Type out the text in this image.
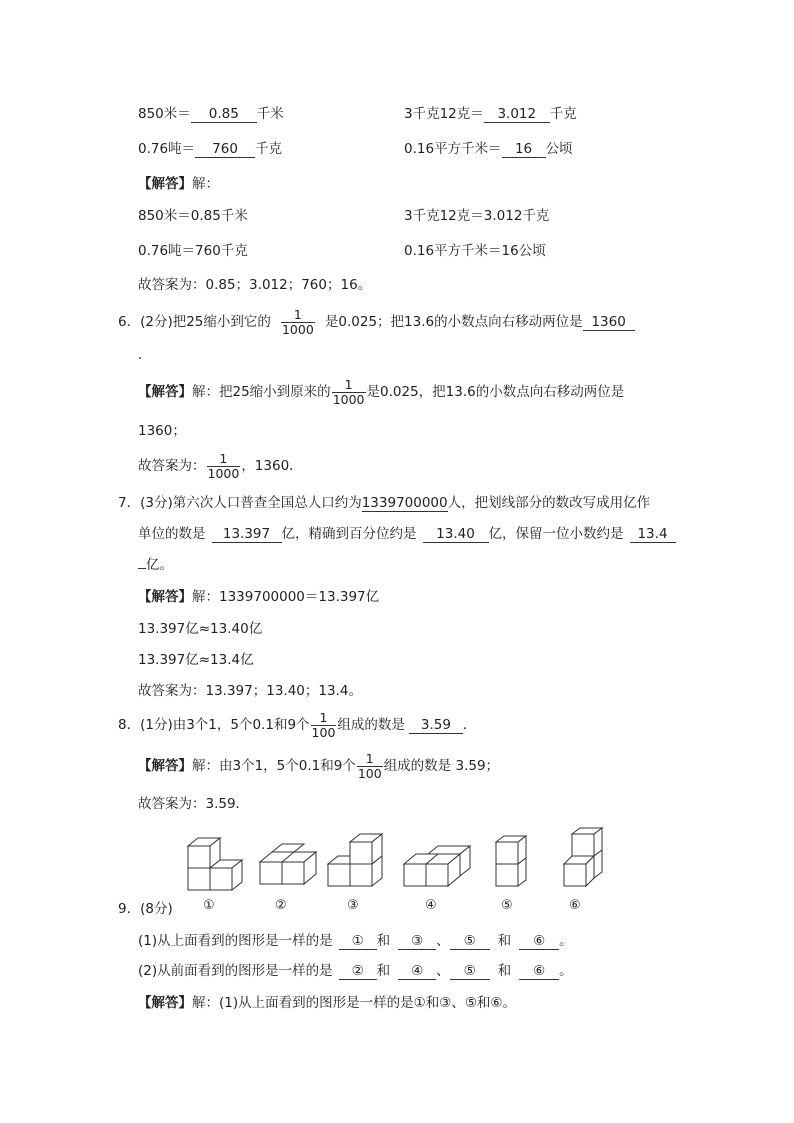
850米＝ 0.85 千米	3千克12克＝ 3.012 千克
0.76吨＝ 760 千克	0.16平方千米＝ 16 公顷
【解答】解：
850米＝0.85千米	3千克12克＝3.012千克
0.76吨＝760千克	0.16平方千米＝16公顷
故答案为：0.85；3.012；760；16。
6．(2分)把25缩小到它的 $\frac{1}{1000}$ 是0.025；把13.6的小数点向右移动两位是 1360
．
【解答】解：把25缩小到原来的 $\frac{1}{1000}$ 是0.025，把13.6的小数点向右移动两位是
1360；
故答案为： $\frac{1}{1000}$ ，1360．
7．(3分)第六次人口普查全国总人口约为1339700000人，把划线部分的数改写成用亿作
单位的数是 13.397 亿，精确到百分位约是 13.40 亿，保留一位小数约是 13.4
亿。
【解答】解：1339700000＝13.397亿
13.397亿≈13.40亿
13.397亿≈13.4亿
故答案为：13.397；13.40；13.4。
8．(1分)由3个1，5个0.1和9个 $\frac{1}{100}$ 组成的数是 3.59 ．
【解答】解：由3个1，5个0.1和9个 $\frac{1}{100}$ 组成的数是 3.59；
故答案为：3.59．
①	②	③	④	⑤	⑥
9．(8分)
(1)从上面看到的图形是一样的是 ① 和 ③ 、 ⑤ 和 ⑥ 。
(2)从前面看到的图形是一样的是 ② 和 ④ 、 ⑤ 和 ⑥ 。
【解答】解：(1)从上面看到的图形是一样的是①和③、⑤和⑥。
